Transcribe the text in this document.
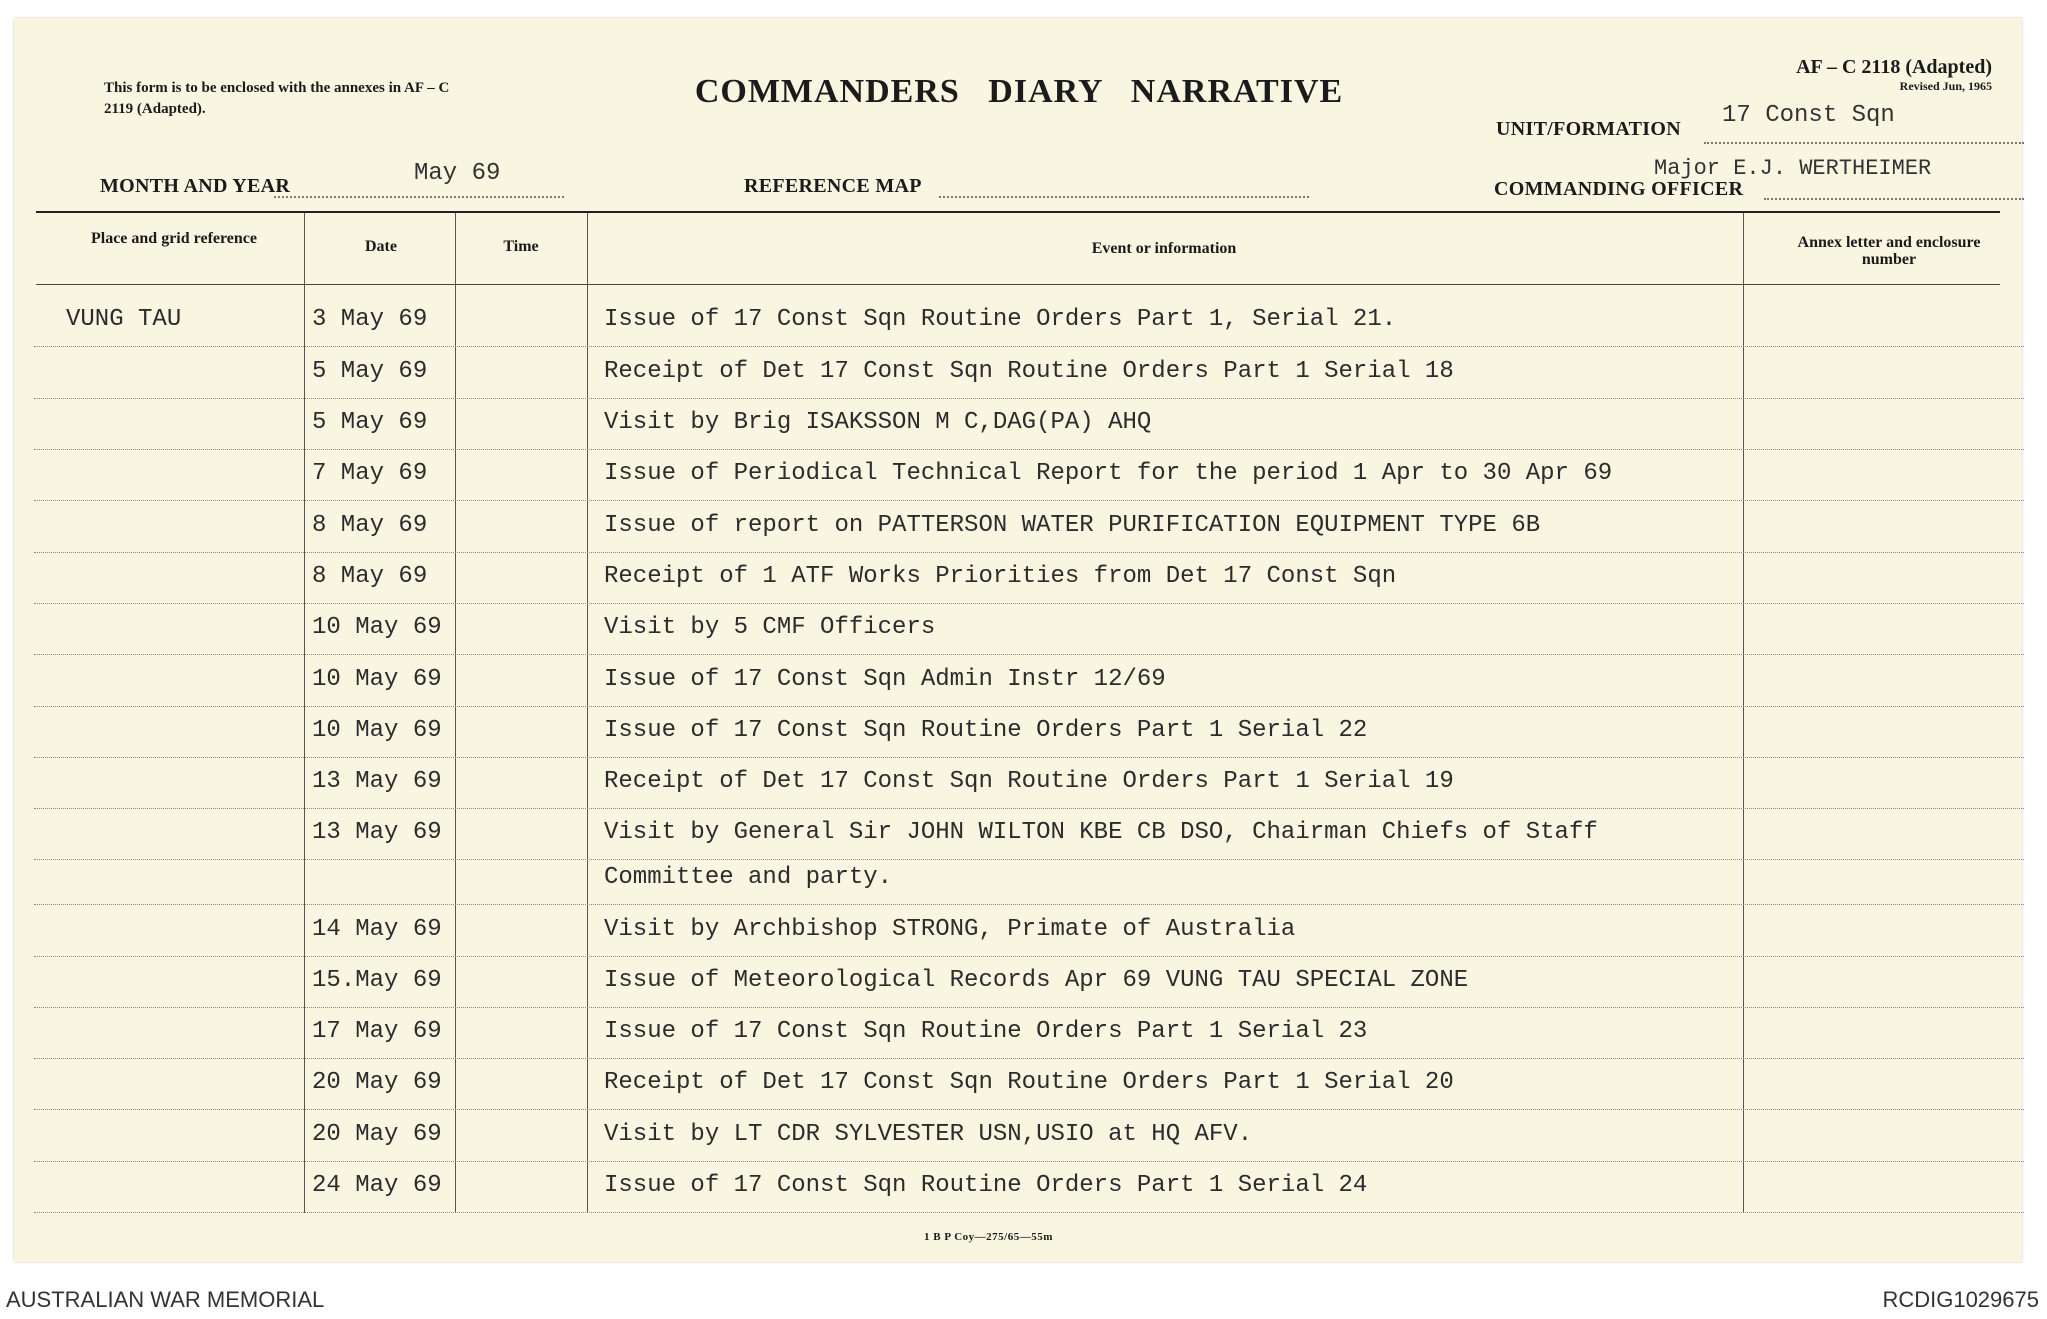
This form is to be enclosed with the annexes in AF – C 2119 (Adapted).	COMMANDERS   DIARY   NARRATIVE
AF – C 2118 (Adapted)
Revised Jun, 1965
UNIT/FORMATION 17 Const Sqn
MONTH AND YEAR	May 69	REFERENCE MAP	COMMANDING OFFICER
Major E.J. WERTHEIMER
Place and grid reference	Date	Time	Event or information	Annex letter and enclosure number
VUNG TAU	3 May 69	Issue of 17 Const Sqn Routine Orders Part 1, Serial 21.
5 May 69	Receipt of Det 17 Const Sqn Routine Orders Part 1 Serial 18
5 May 69	Visit by Brig ISAKSSON M C,DAG(PA) AHQ
7 May 69	Issue of Periodical Technical Report for the period 1 Apr to 30 Apr 69
8 May 69	Issue of report on PATTERSON WATER PURIFICATION EQUIPMENT TYPE 6B
8 May 69	Receipt of 1 ATF Works Priorities from Det 17 Const Sqn
10 May 69	Visit by 5 CMF Officers
10 May 69	Issue of 17 Const Sqn Admin Instr 12/69
10 May 69	Issue of 17 Const Sqn Routine Orders Part 1 Serial 22
13 May 69	Receipt of Det 17 Const Sqn Routine Orders Part 1 Serial 19
13 May 69	Visit by General Sir JOHN WILTON KBE CB DSO, Chairman Chiefs of Staff
Committee and party.
14 May 69	Visit by Archbishop STRONG, Primate of Australia
15.May 69	Issue of Meteorological Records Apr 69 VUNG TAU SPECIAL ZONE
17 May 69	Issue of 17 Const Sqn Routine Orders Part 1 Serial 23
20 May 69	Receipt of Det 17 Const Sqn Routine Orders Part 1 Serial 20
20 May 69	Visit by LT CDR SYLVESTER USN,USIO at HQ AFV.
24 May 69	Issue of 17 Const Sqn Routine Orders Part 1 Serial 24
1 B P Coy—275/65—55m
AUSTRALIAN WAR MEMORIAL	RCDIG1029675
